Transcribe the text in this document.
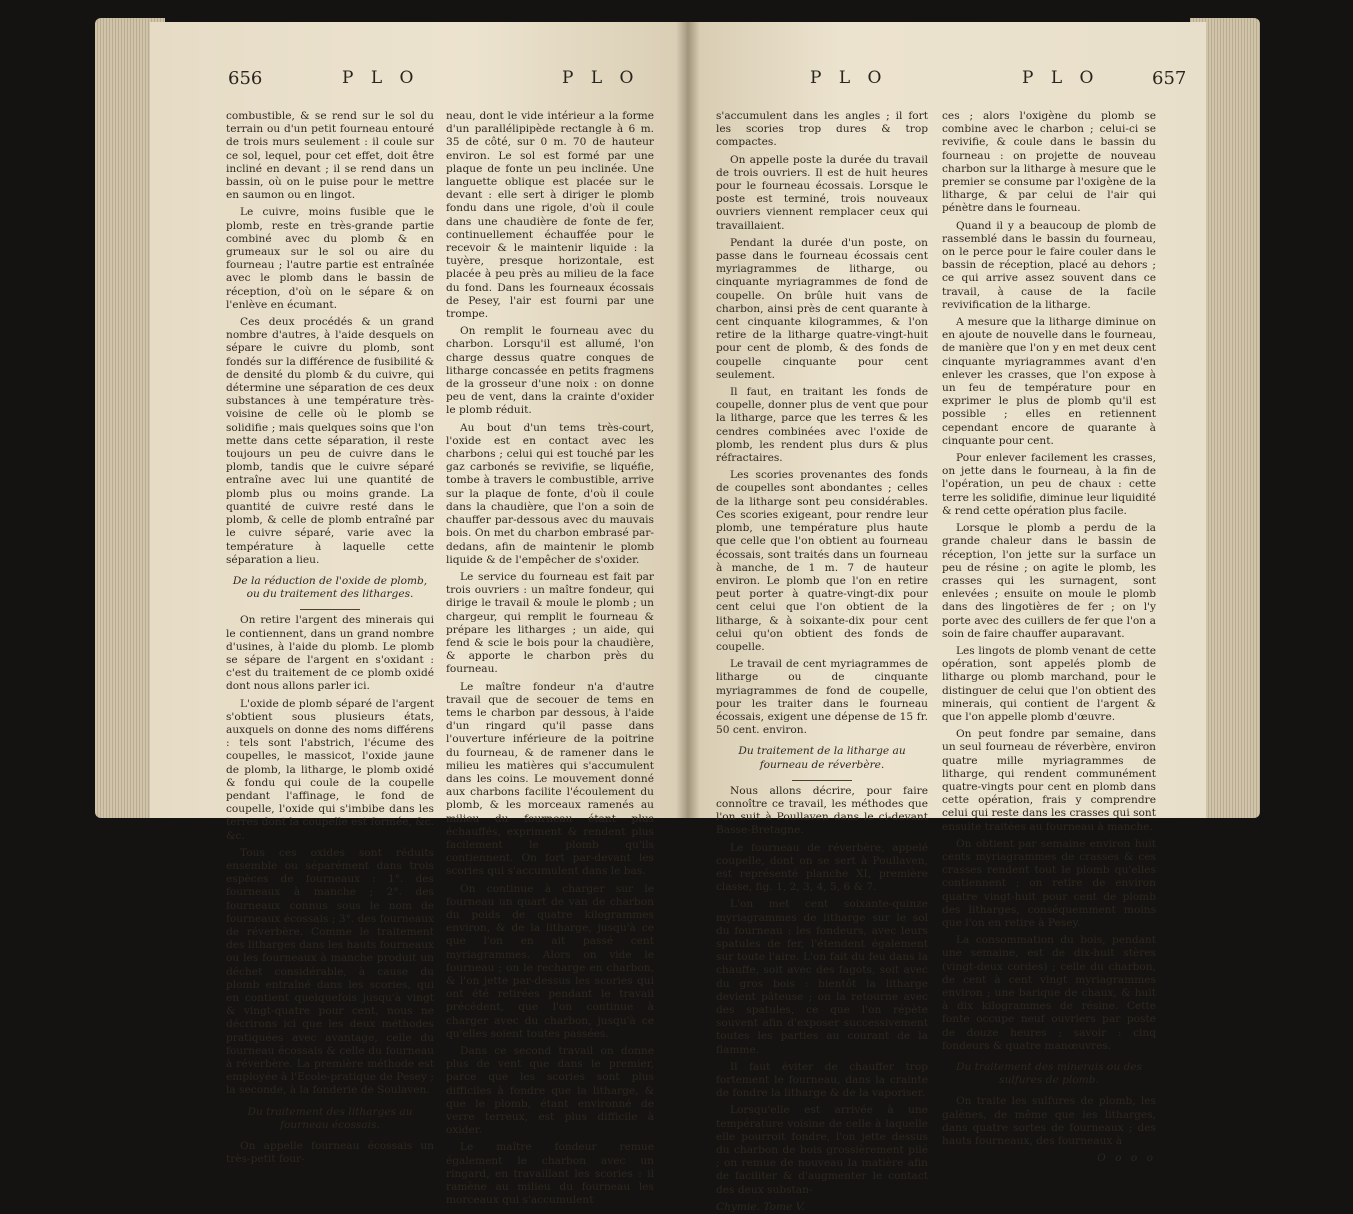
656	P L O	P L O

combustible, & se rend sur le sol du terrain ou d'un petit fourneau entouré de trois murs seulement : il coule sur ce sol, lequel, pour cet effet, doit être incliné en devant ; il se rend dans un bassin, où on le puise pour le mettre en saumon ou en lingot.

Le cuivre, moins fusible que le plomb, reste en très-grande partie combiné avec du plomb & en grumeaux sur le sol ou aire du fourneau ; l'autre partie est entraînée avec le plomb dans le bassin de réception, d'où on le sépare & on l'enlève en écumant.

Ces deux procédés & un grand nombre d'autres, à l'aide desquels on sépare le cuivre du plomb, sont fondés sur la différence de fusibilité & de densité du plomb & du cuivre, qui détermine une séparation de ces deux substances à une température très-voisine de celle où le plomb se solidifie ; mais quelques soins que l'on mette dans cette séparation, il reste toujours un peu de cuivre dans le plomb, tandis que le cuivre séparé entraîne avec lui une quantité de plomb plus ou moins grande. La quantité de cuivre resté dans le plomb, & celle de plomb entraîné par le cuivre séparé, varie avec la température à laquelle cette séparation a lieu.

De la réduction de l'oxide de plomb, ou du traitement des litharges.

On retire l'argent des minerais qui le contiennent, dans un grand nombre d'usines, à l'aide du plomb. Le plomb se sépare de l'argent en s'oxidant : c'est du traitement de ce plomb oxidé dont nous allons parler ici.

L'oxide de plomb séparé de l'argent s'obtient sous plusieurs états, auxquels on donne des noms différens : tels sont l'abstrich, l'écume des coupelles, le massicot, l'oxide jaune de plomb, la litharge, le plomb oxidé & fondu qui coule de la coupelle pendant l'affinage, le fond de coupelle, l'oxide qui s'imbibe dans les terres dont la coupelle est formée, &c. &c.

Tous ces oxides sont réduits ensemble ou séparément dans trois espèces de fourneaux : 1°. des fourneaux à manche ; 2°. des fourneaux connus sous le nom de fourneaux écossais ; 3°. des fourneaux de réverbère. Comme le traitement des litharges dans les hauts fourneaux ou les fourneaux à manche produit un déchet considérable, à cause du plomb entraîné dans les scories, qui en contient quelquefois jusqu'à vingt & vingt-quatre pour cent, nous ne décrirons ici que les deux méthodes pratiquées avec avantage, celle du fourneau écossais & celle du fourneau à réverbère. La première méthode est employée à l'Ecole-pratique de Pesey ; la seconde, à la fonderie de Soulaven.

Du traitement des litharges au fourneau écossais.

On appelle fourneau écossais un très-petit four-

neau, dont le vide intérieur a la forme d'un parallélipipède rectangle à 6 m. 35 de côté, sur 0 m. 70 de hauteur environ. Le sol est formé par une plaque de fonte un peu inclinée. Une languette oblique est placée sur le devant : elle sert à diriger le plomb fondu dans une rigole, d'où il coule dans une chaudière de fonte de fer, continuellement échauffée pour le recevoir & le maintenir liquide : la tuyère, presque horizontale, est placée à peu près au milieu de la face du fond. Dans les fourneaux écossais de Pesey, l'air est fourni par une trompe.

On remplit le fourneau avec du charbon. Lorsqu'il est allumé, l'on charge dessus quatre conques de litharge concassée en petits fragmens de la grosseur d'une noix : on donne peu de vent, dans la crainte d'oxider le plomb réduit.

Au bout d'un tems très-court, l'oxide est en contact avec les charbons ; celui qui est touché par les gaz carbonés se revivifie, se liquéfie, tombe à travers le combustible, arrive sur la plaque de fonte, d'où il coule dans la chaudière, que l'on a soin de chauffer par-dessous avec du mauvais bois. On met du charbon embrasé par-dedans, afin de maintenir le plomb liquide & de l'empêcher de s'oxider.

Le service du fourneau est fait par trois ouvriers : un maître fondeur, qui dirige le travail & moule le plomb ; un chargeur, qui remplit le fourneau & prépare les litharges ; un aide, qui fend & scie le bois pour la chaudière, & apporte le charbon près du fourneau.

Le maître fondeur n'a d'autre travail que de secouer de tems en tems le charbon par dessous, à l'aide d'un ringard qu'il passe dans l'ouverture inférieure de la poitrine du fourneau, & de ramener dans le milieu les matières qui s'accumulent dans les coins. Le mouvement donné aux charbons facilite l'écoulement du plomb, & les morceaux ramenés au milieu du fourneau étant plus échauffés, expriment & rendent plus facilement le plomb qu'ils contiennent. On fort par-devant les scories qui s'accumulent dans le bas.

On continue à charger sur le fourneau un quart de van de charbon du poids de quatre kilogrammes environ, & de la litharge, jusqu'à ce que l'on en ait passé cent myriagrammes. Alors on vide le fourneau ; on le recharge en charbon, & l'on jette par-dessus les scories qui ont été retirées pendant le travail précédent, que l'on continue à charger avec du charbon, jusqu'à ce qu'elles soient toutes passées.

Dans ce second travail on donne plus de vent que dans le premier, parce que les scories sont plus difficiles à fondre que la litharge, & que le plomb, étant environné de verre terreux, est plus difficile à oxider.

Le maître fondeur remue également le charbon avec un ringard, en travaillant les scories : il ramène au milieu du fourneau les morceaux qui s'accumulent

P L O	P L O	657

s'accumulent dans les angles ; il fort les scories trop dures & trop compactes.

On appelle poste la durée du travail de trois ouvriers. Il est de huit heures pour le fourneau écossais. Lorsque le poste est terminé, trois nouveaux ouvriers viennent remplacer ceux qui travaillaient.

Pendant la durée d'un poste, on passe dans le fourneau écossais cent myriagrammes de litharge, ou cinquante myriagrammes de fond de coupelle. On brûle huit vans de charbon, ainsi près de cent quarante à cent cinquante kilogrammes, & l'on retire de la litharge quatre-vingt-huit pour cent de plomb, & des fonds de coupelle cinquante pour cent seulement.

Il faut, en traitant les fonds de coupelle, donner plus de vent que pour la litharge, parce que les terres & les cendres combinées avec l'oxide de plomb, les rendent plus durs & plus réfractaires.

Les scories provenantes des fonds de coupelles sont abondantes ; celles de la litharge sont peu considérables. Ces scories exigeant, pour rendre leur plomb, une température plus haute que celle que l'on obtient au fourneau écossais, sont traités dans un fourneau à manche, de 1 m. 7 de hauteur environ. Le plomb que l'on en retire peut porter à quatre-vingt-dix pour cent celui que l'on obtient de la litharge, & à soixante-dix pour cent celui qu'on obtient des fonds de coupelle.

Le travail de cent myriagrammes de litharge ou de cinquante myriagrammes de fond de coupelle, pour les traiter dans le fourneau écossais, exigent une dépense de 15 fr. 50 cent. environ.

Du traitement de la litharge au fourneau de réverbère.

Nous allons décrire, pour faire connoître ce travail, les méthodes que l'on suit à Poullaven dans le ci-devant Basse-Bretagne.

Le fourneau de réverbère, appelé coupelle, dont on se sert à Poullaven, est représenté planche XI, première classe, fig. 1, 2, 3, 4, 5, 6 & 7.

L'on met cent soixante-quinze myriagrammes de litharge sur le sol du fourneau : les fondeurs, avec leurs spatules de fer, l'étendent également sur toute l'aire. L'on fait du feu dans la chauffe, soit avec des fagots, soit avec du gros bois : bientôt la litharge devient pâteuse ; on la retourne avec des spatules, ce que l'on répète souvent afin d'exposer successivement toutes les parties au courant de la flamme.

Il faut éviter de chauffer trop fortement le fourneau, dans la crainte de fondre la litharge & de la vaporiser.

Lorsqu'elle est arrivée à une température voisine de celle à laquelle elle pourroit fondre, l'on jette dessus du charbon de bois grossièrement pilé ; on remue de nouveau la matière afin de faciliter & d'augmenter le contact des deux substan-

Chymie. Tome V.

ces ; alors l'oxigène du plomb se combine avec le charbon ; celui-ci se revivifie, & coule dans le bassin du fourneau : on projette de nouveau charbon sur la litharge à mesure que le premier se consume par l'oxigène de la litharge, & par celui de l'air qui pénètre dans le fourneau.

Quand il y a beaucoup de plomb de rassemblé dans le bassin du fourneau, on le perce pour le faire couler dans le bassin de réception, placé au dehors ; ce qui arrive assez souvent dans ce travail, à cause de la facile revivification de la litharge.

A mesure que la litharge diminue on en ajoute de nouvelle dans le fourneau, de manière que l'on y en met deux cent cinquante myriagrammes avant d'en enlever les crasses, que l'on expose à un feu de température pour en exprimer le plus de plomb qu'il est possible ; elles en retiennent cependant encore de quarante à cinquante pour cent.

Pour enlever facilement les crasses, on jette dans le fourneau, à la fin de l'opération, un peu de chaux : cette terre les solidifie, diminue leur liquidité & rend cette opération plus facile.

Lorsque le plomb a perdu de la grande chaleur dans le bassin de réception, l'on jette sur la surface un peu de résine ; on agite le plomb, les crasses qui les surnagent, sont enlevées ; ensuite on moule le plomb dans des lingotières de fer ; on l'y porte avec des cuillers de fer que l'on a soin de faire chauffer auparavant.

Les lingots de plomb venant de cette opération, sont appelés plomb de litharge ou plomb marchand, pour le distinguer de celui que l'on obtient des minerais, qui contient de l'argent & que l'on appelle plomb d'œuvre.

On peut fondre par semaine, dans un seul fourneau de réverbère, environ quatre mille myriagrammes de litharge, qui rendent communément quatre-vingts pour cent en plomb dans cette opération, frais y comprendre celui qui reste dans les crasses qui sont ensuite traitées au fourneau à manche.

On obtient par semaine environ huit cents myriagrammes de crasses & ces crasses rendent tout le plomb qu'elles contiennent ; on retire de environ quatre vingt-huit pour cent de plomb des litharges, conséquemment moins que l'on en retire à Pesey.

La consommation du bois, pendant une semaine, est de dix-huit stères (vingt-deux cordes) ; celle du charbon, de cent à cent vingt myriagrammes environ ; une barique de chaux, & huit à dix kilogrammes de résine. Cette fonte occupe neuf ouvriers par poste de douze heures ; savoir : cinq fondeurs & quatre manœuvres.

Du traitement des minerais ou des sulfures de plomb.

On traite les sulfures de plomb, les galènes, de même que les litharges, dans quatre sortes de fourneaux ; des hauts fourneaux, des fourneaux à

O o o o
